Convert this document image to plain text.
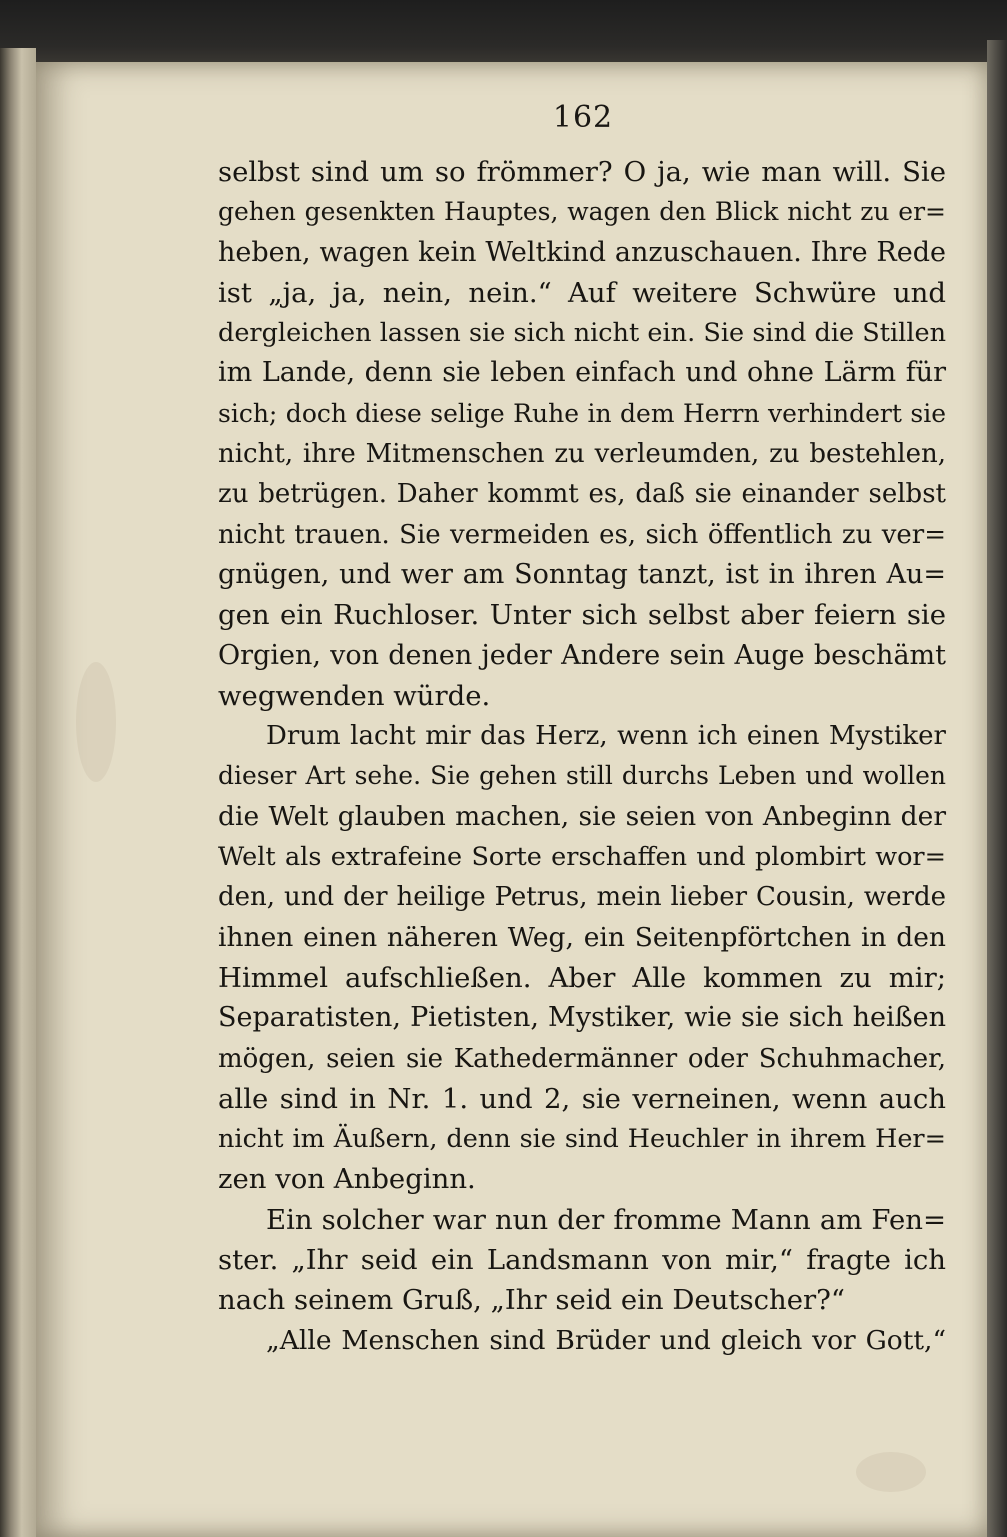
162
selbst sind um so frömmer? O ja, wie man will. Sie
gehen gesenkten Hauptes, wagen den Blick nicht zu er=
heben, wagen kein Weltkind anzuschauen. Ihre Rede
ist „ja, ja, nein, nein.“ Auf weitere Schwüre und
dergleichen lassen sie sich nicht ein. Sie sind die Stillen
im Lande, denn sie leben einfach und ohne Lärm für
sich; doch diese selige Ruhe in dem Herrn verhindert sie
nicht, ihre Mitmenschen zu verleumden, zu bestehlen,
zu betrügen. Daher kommt es, daß sie einander selbst
nicht trauen. Sie vermeiden es, sich öffentlich zu ver=
gnügen, und wer am Sonntag tanzt, ist in ihren Au=
gen ein Ruchloser. Unter sich selbst aber feiern sie
Orgien, von denen jeder Andere sein Auge beschämt
wegwenden würde.
Drum lacht mir das Herz, wenn ich einen Mystiker
dieser Art sehe. Sie gehen still durchs Leben und wollen
die Welt glauben machen, sie seien von Anbeginn der
Welt als extrafeine Sorte erschaffen und plombirt wor=
den, und der heilige Petrus, mein lieber Cousin, werde
ihnen einen näheren Weg, ein Seitenpförtchen in den
Himmel aufschließen. Aber Alle kommen zu mir;
Separatisten, Pietisten, Mystiker, wie sie sich heißen
mögen, seien sie Kathedermänner oder Schuhmacher,
alle sind in Nr. 1. und 2, sie verneinen, wenn auch
nicht im Äußern, denn sie sind Heuchler in ihrem Her=
zen von Anbeginn.
Ein solcher war nun der fromme Mann am Fen=
ster. „Ihr seid ein Landsmann von mir,“ fragte ich
nach seinem Gruß, „Ihr seid ein Deutscher?“
„Alle Menschen sind Brüder und gleich vor Gott,“
